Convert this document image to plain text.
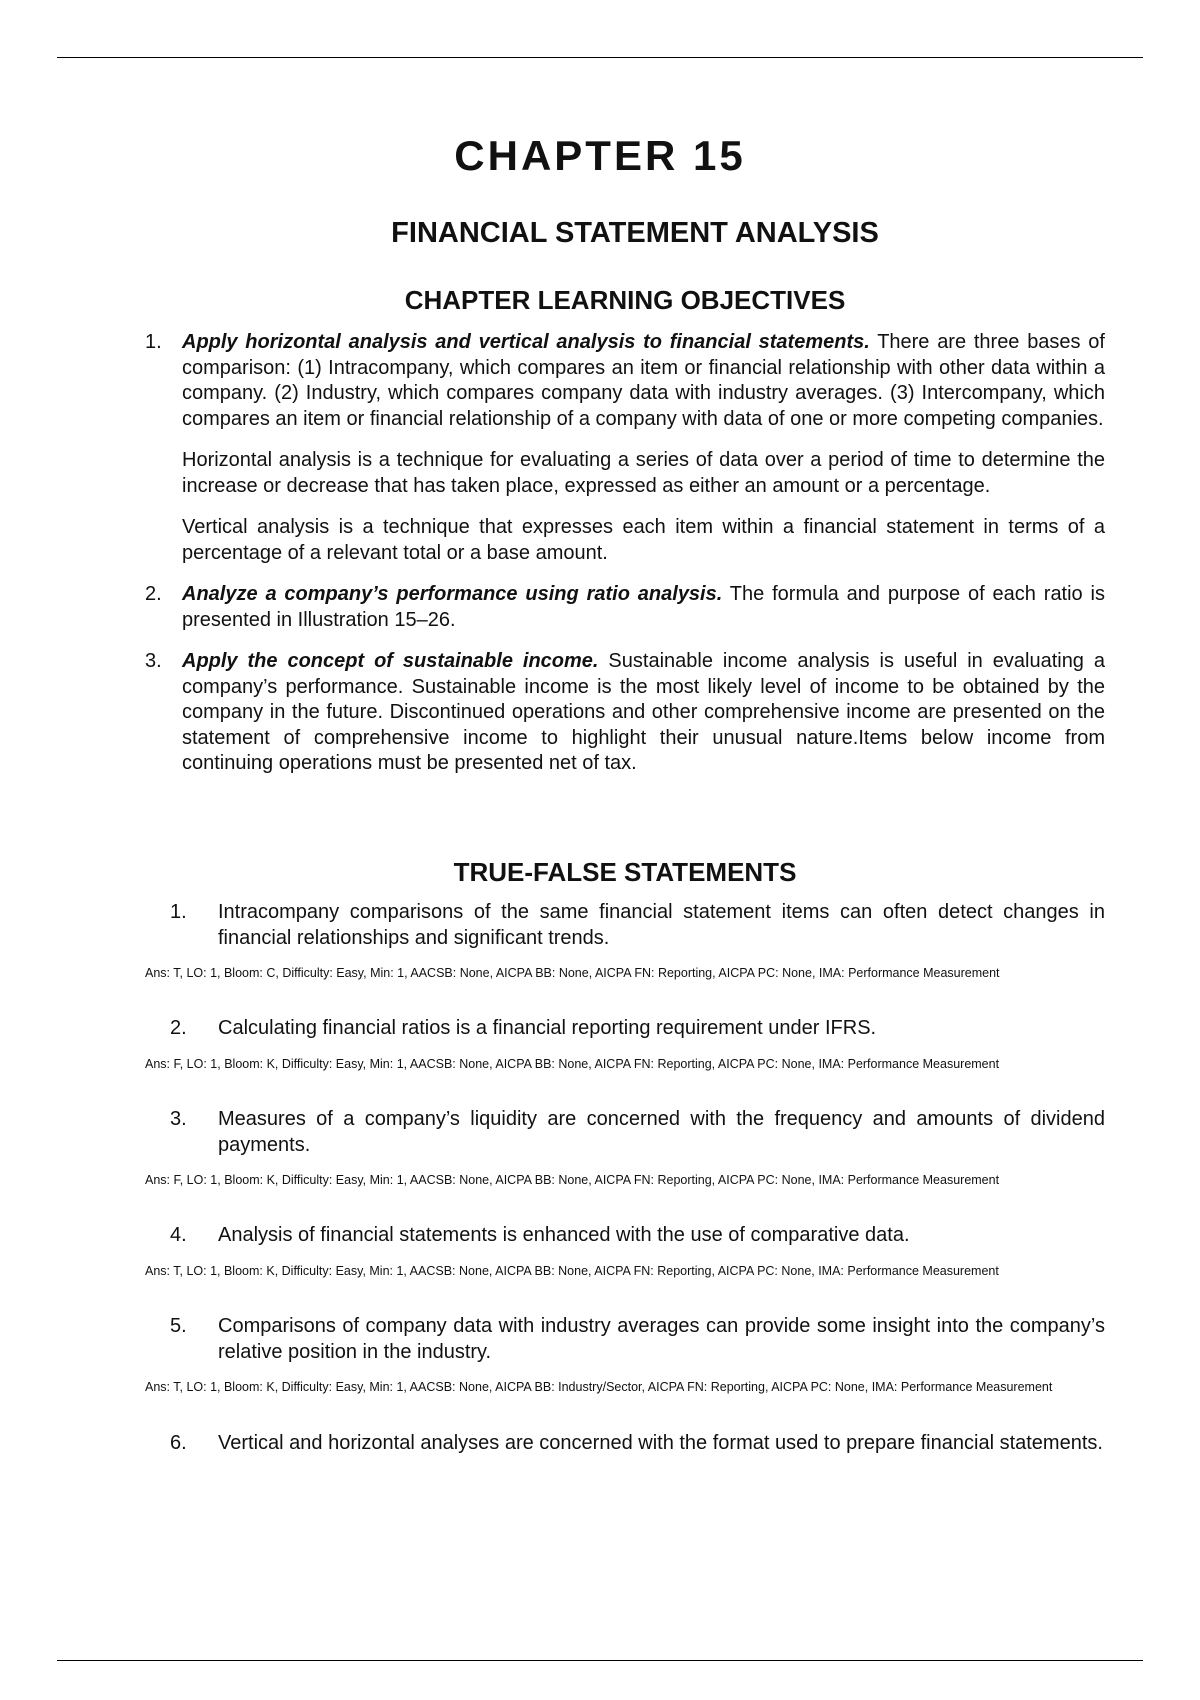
CHAPTER 15
FINANCIAL STATEMENT ANALYSIS
CHAPTER LEARNING OBJECTIVES
1.	Apply horizontal analysis and vertical analysis to financial statements. There are three bases of comparison: (1) Intracompany, which compares an item or financial relationship with other data within a company. (2) Industry, which compares company data with industry averages. (3) Intercompany, which compares an item or financial relationship of a company with data of one or more competing companies.

Horizontal analysis is a technique for evaluating a series of data over a period of time to determine the increase or decrease that has taken place, expressed as either an amount or a percentage.

Vertical analysis is a technique that expresses each item within a financial statement in terms of a percentage of a relevant total or a base amount.

2.	Analyze a company’s performance using ratio analysis. The formula and purpose of each ratio is presented in Illustration 15–26.

3.	Apply the concept of sustainable income. Sustainable income analysis is useful in evaluating a company’s performance. Sustainable income is the most likely level of income to be obtained by the company in the future. Discontinued operations and other comprehensive income are presented on the statement of comprehensive income to highlight their unusual nature.Items below income from continuing operations must be presented net of tax.

TRUE-FALSE STATEMENTS
1.	Intracompany comparisons of the same financial statement items can often detect changes in financial relationships and significant trends.
Ans: T, LO: 1, Bloom: C, Difficulty: Easy, Min: 1, AACSB: None, AICPA BB: None, AICPA FN: Reporting, AICPA PC: None, IMA: Performance Measurement
2.	Calculating financial ratios is a financial reporting requirement under IFRS.
Ans: F, LO: 1, Bloom: K, Difficulty: Easy, Min: 1, AACSB: None, AICPA BB: None, AICPA FN: Reporting, AICPA PC: None, IMA: Performance Measurement
3.	Measures of a company’s liquidity are concerned with the frequency and amounts of dividend payments.
Ans: F, LO: 1, Bloom: K, Difficulty: Easy, Min: 1, AACSB: None, AICPA BB: None, AICPA FN: Reporting, AICPA PC: None, IMA: Performance Measurement
4.	Analysis of financial statements is enhanced with the use of comparative data.
Ans: T, LO: 1, Bloom: K, Difficulty: Easy, Min: 1, AACSB: None, AICPA BB: None, AICPA FN: Reporting, AICPA PC: None, IMA: Performance Measurement
5.	Comparisons of company data with industry averages can provide some insight into the company’s relative position in the industry.
Ans: T, LO: 1, Bloom: K, Difficulty: Easy, Min: 1, AACSB: None, AICPA BB: Industry/Sector, AICPA FN: Reporting, AICPA PC: None, IMA: Performance Measurement
6.	Vertical and horizontal analyses are concerned with the format used to prepare financial statements.
